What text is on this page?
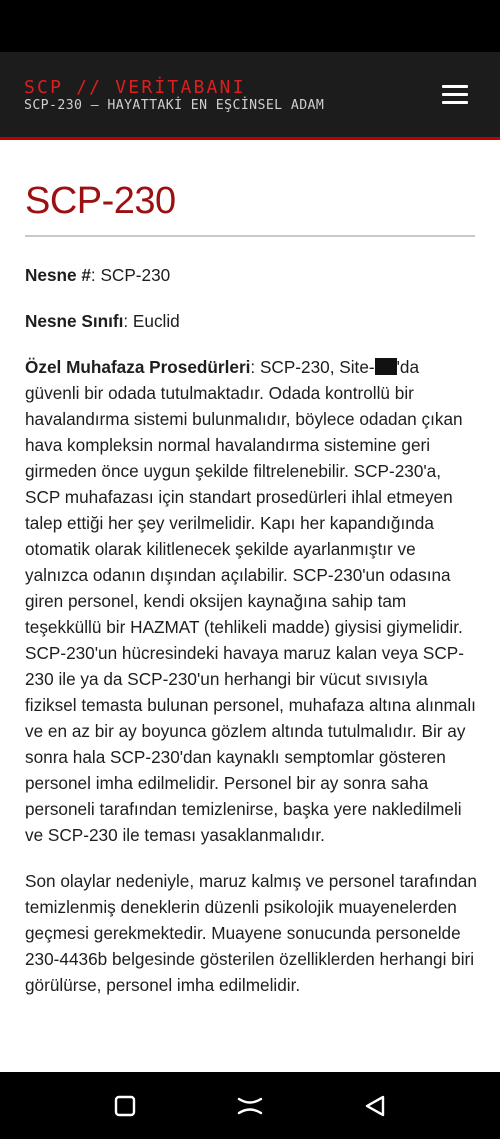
SCP // VERİTABANI
SCP-230 – HAYATTAKİ EN EŞCİNSEL ADAM
SCP-230

Nesne #: SCP-230

Nesne Sınıfı: Euclid

Özel Muhafaza Prosedürleri: SCP-230, Site- 'da güvenli bir odada tutulmaktadır. Odada kontrollü bir havalandırma sistemi bulunmalıdır, böylece odadan çıkan hava kompleksin normal havalandırma sistemine geri girmeden önce uygun şekilde filtrelenebilir. SCP-230'a, SCP muhafazası için standart prosedürleri ihlal etmeyen talep ettiği her şey verilmelidir. Kapı her kapandığında otomatik olarak kilitlenecek şekilde ayarlanmıştır ve yalnızca odanın dışından açılabilir. SCP-230'un odasına giren personel, kendi oksijen kaynağına sahip tam teşekküllü bir HAZMAT (tehlikeli madde) giysisi giymelidir. SCP-230'un hücresindeki havaya maruz kalan veya SCP-230 ile ya da SCP-230'un herhangi bir vücut sıvısıyla fiziksel temasta bulunan personel, muhafaza altına alınmalı ve en az bir ay boyunca gözlem altında tutulmalıdır. Bir ay sonra hala SCP-230'dan kaynaklı semptomlar gösteren personel imha edilmelidir. Personel bir ay sonra saha personeli tarafından temizlenirse, başka yere nakledilmeli ve SCP-230 ile teması yasaklanmalıdır.

Son olaylar nedeniyle, maruz kalmış ve personel tarafından temizlenmiş deneklerin düzenli psikolojik muayenelerden geçmesi gerekmektedir. Muayene sonucunda personelde 230-4436b belgesinde gösterilen özelliklerden herhangi biri görülürse, personel imha edilmelidir.
